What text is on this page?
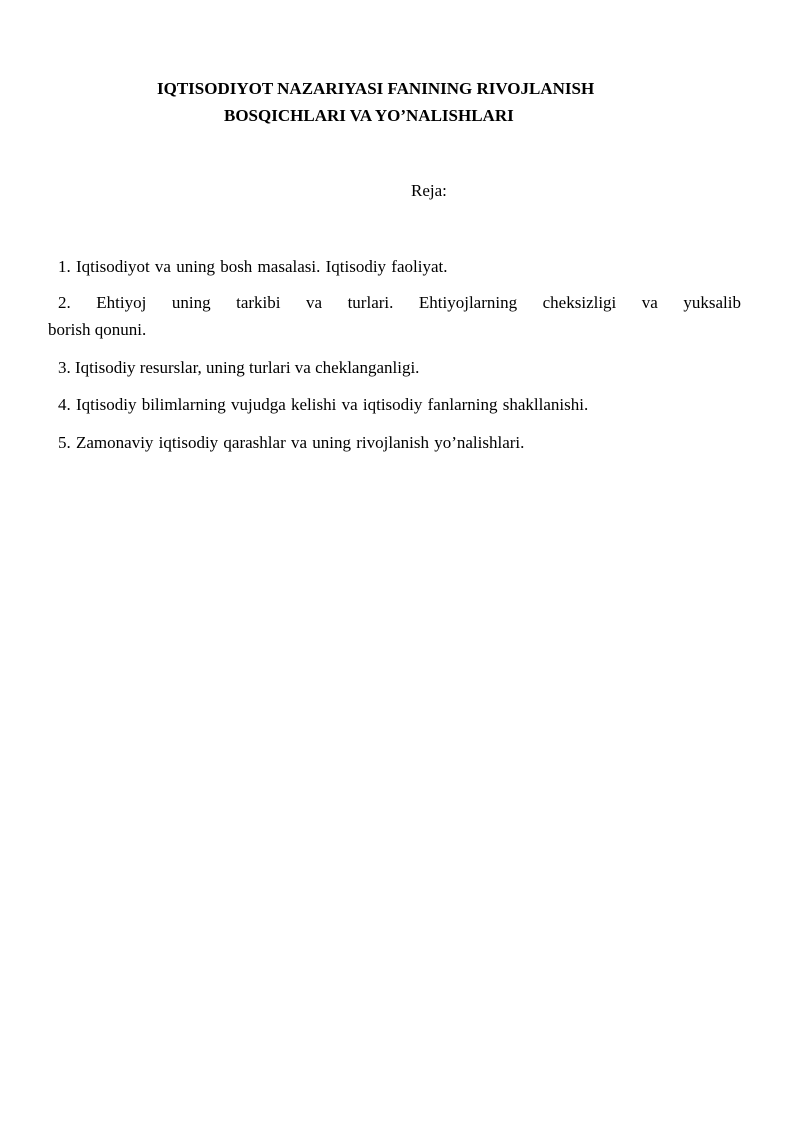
IQTISODIYOT NAZARIYASI FANINING RIVOJLANISH
BOSQICHLARI VA YO’NALISHLARI
Reja:
1. Iqtisodiyot va uning bosh masalasi. Iqtisodiy faoliyat.
2. Ehtiyoj uning tarkibi va turlari. Ehtiyojlarning cheksizligi va yuksalib
borish qonuni.
3. Iqtisodiy resurslar, uning turlari va cheklanganligi.
4. Iqtisodiy bilimlarning vujudga kelishi va iqtisodiy fanlarning shakllanishi.
5. Zamonaviy iqtisodiy qarashlar va uning rivojlanish yo’nalishlari.
